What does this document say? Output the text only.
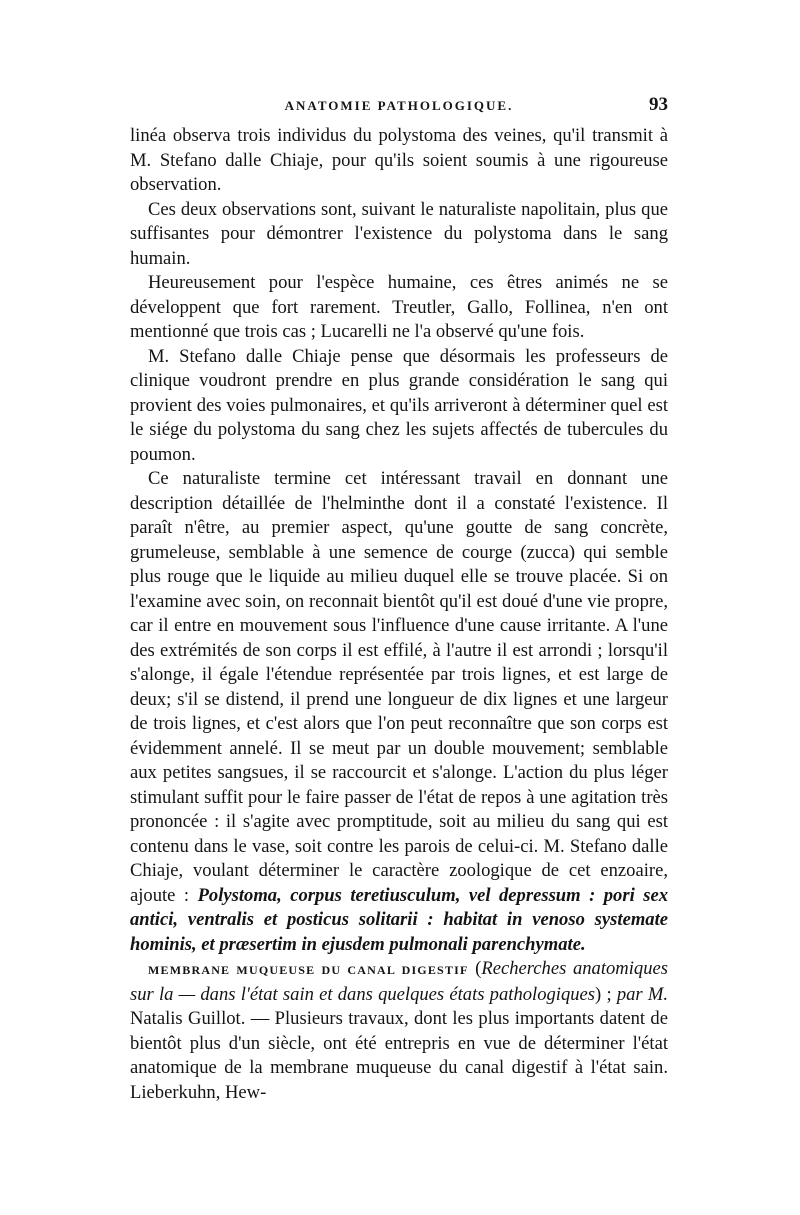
ANATOMIE PATHOLOGIQUE.	93

linéa observa trois individus du polystoma des veines, qu'il transmit à M. Stefano dalle Chiaje, pour qu'ils soient soumis à une rigoureuse observation.

Ces deux observations sont, suivant le naturaliste napolitain, plus que suffisantes pour démontrer l'existence du polystoma dans le sang humain.

Heureusement pour l'espèce humaine, ces êtres animés ne se développent que fort rarement. Treutler, Gallo, Follinea, n'en ont mentionné que trois cas ; Lucarelli ne l'a observé qu'une fois.

M. Stefano dalle Chiaje pense que désormais les professeurs de clinique voudront prendre en plus grande considération le sang qui provient des voies pulmonaires, et qu'ils arriveront à déterminer quel est le siége du polystoma du sang chez les sujets affectés de tubercules du poumon.

Ce naturaliste termine cet intéressant travail en donnant une description détaillée de l'helminthe dont il a constaté l'existence. Il paraît n'être, au premier aspect, qu'une goutte de sang concrète, grumeleuse, semblable à une semence de courge (zucca) qui semble plus rouge que le liquide au milieu duquel elle se trouve placée. Si on l'examine avec soin, on reconnait bientôt qu'il est doué d'une vie propre, car il entre en mouvement sous l'influence d'une cause irritante. A l'une des extrémités de son corps il est effilé, à l'autre il est arrondi ; lorsqu'il s'alonge, il égale l'étendue représentée par trois lignes, et est large de deux; s'il se distend, il prend une longueur de dix lignes et une largeur de trois lignes, et c'est alors que l'on peut reconnaître que son corps est évidemment annelé. Il se meut par un double mouvement; semblable aux petites sangsues, il se raccourcit et s'alonge. L'action du plus léger stimulant suffit pour le faire passer de l'état de repos à une agitation très prononcée : il s'agite avec promptitude, soit au milieu du sang qui est contenu dans le vase, soit contre les parois de celui-ci. M. Stefano dalle Chiaje, voulant déterminer le caractère zoologique de cet enzoaire, ajoute : Polystoma, corpus teretiusculum, vel depressum : pori sex antici, ventralis et posticus solitarii : habitat in venoso systemate hominis, et præsertim in ejusdem pulmonali parenchymate.

MEMBRANE MUQUEUSE DU CANAL DIGESTIF (Recherches anatomiques sur la — dans l'état sain et dans quelques états pathologiques) ; par M. Natalis Guillot. — Plusieurs travaux, dont les plus importants datent de bientôt plus d'un siècle, ont été entrepris en vue de déterminer l'état anatomique de la membrane muqueuse du canal digestif à l'état sain. Lieberkuhn, Hew-
